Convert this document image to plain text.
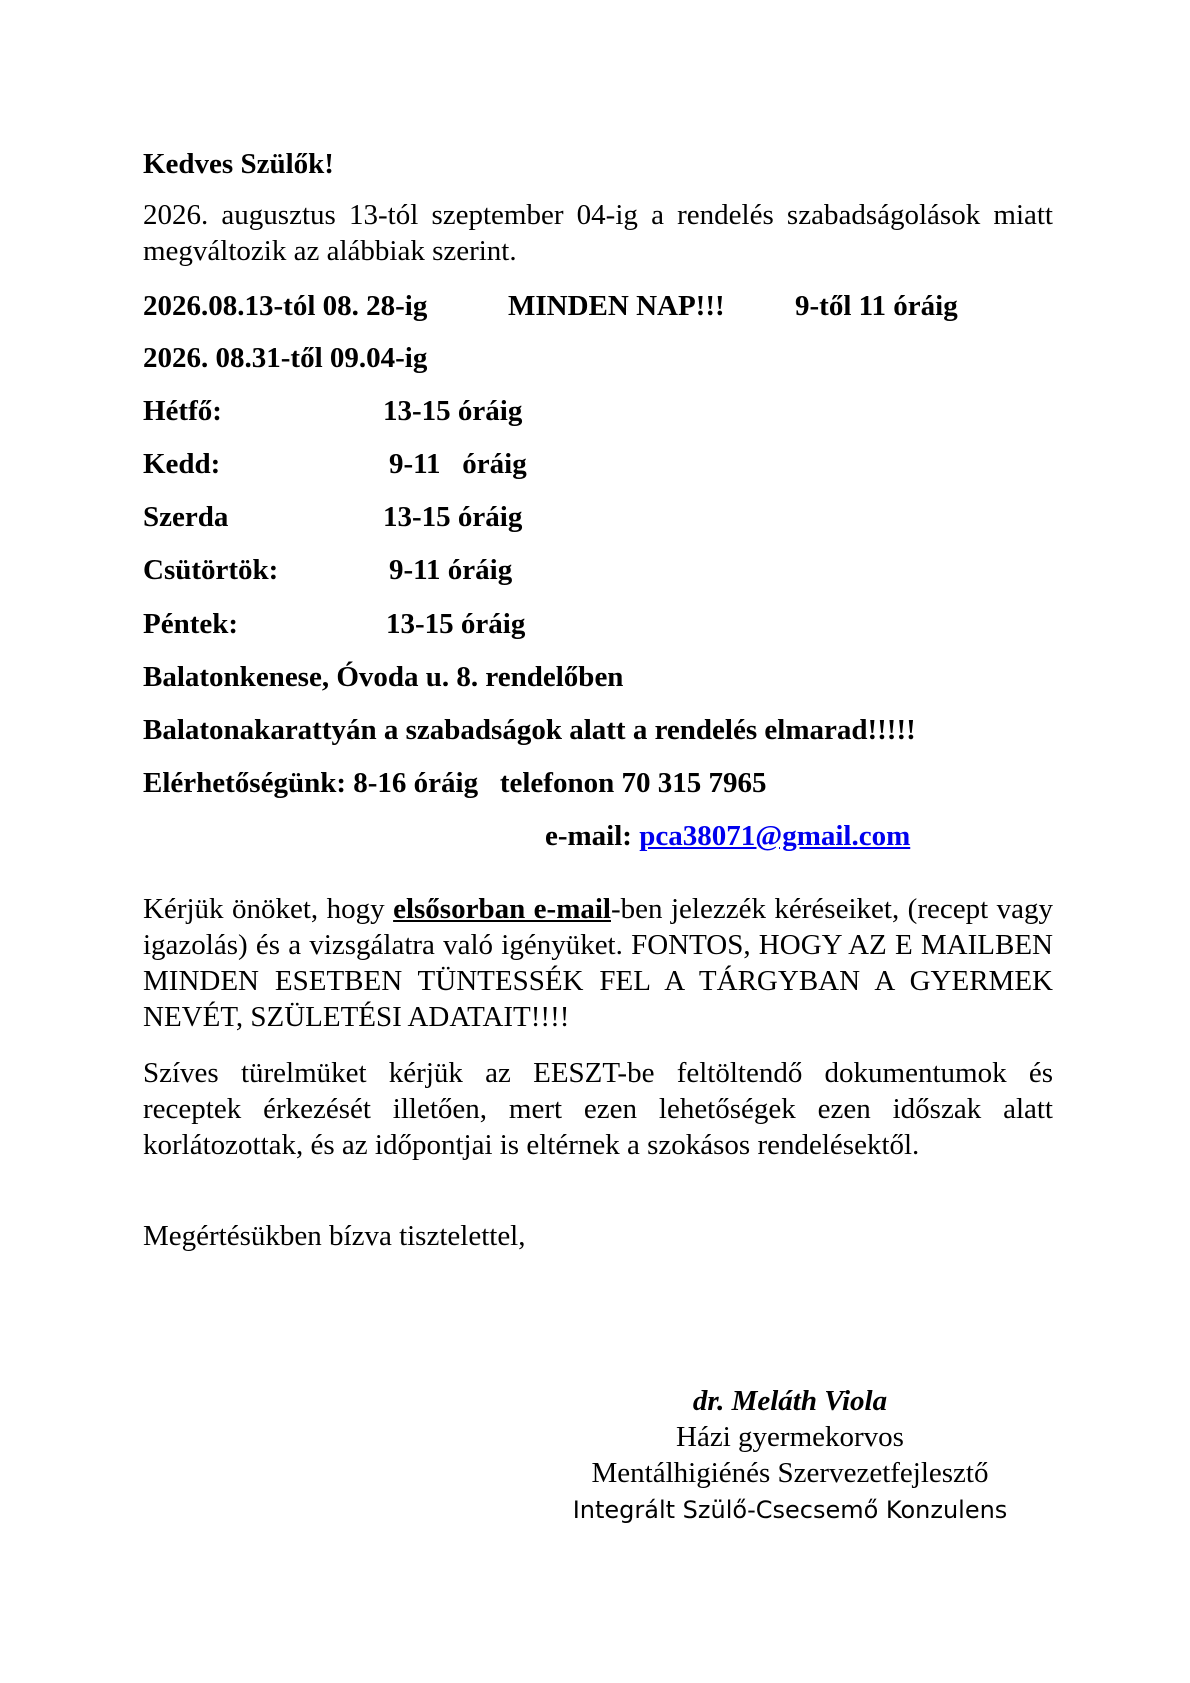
Kedves Szülők!
2026. augusztus 13-tól szeptember 04-ig a rendelés szabadságolások miatt megváltozik az alábbiak szerint.
2026.08.13-tól 08. 28-ig	MINDEN NAP!!! 9-től 11 óráig
2026. 08.31-től 09.04-ig
Hétfő:	13-15 óráig
Kedd:	9-11   óráig
Szerda	13-15 óráig
Csütörtök:	9-11 óráig
Péntek:	13-15 óráig
Balatonkenese, Óvoda u. 8. rendelőben
Balatonakarattyán a szabadságok alatt a rendelés elmarad!!!!!
Elérhetőségünk: 8-16 óráig   telefonon 70 315 7965
e-mail: pca38071@gmail.com
Kérjük önöket, hogy elsősorban e-mail-ben jelezzék kéréseiket, (recept vagy igazolás) és a vizsgálatra való igényüket. FONTOS, HOGY AZ E MAILBEN MINDEN ESETBEN TÜNTESSÉK FEL A TÁRGYBAN A GYERMEK NEVÉT, SZÜLETÉSI ADATAIT!!!!
Szíves türelmüket kérjük az EESZT-be feltöltendő dokumentumok és receptek érkezését illetően, mert ezen lehetőségek ezen időszak alatt korlátozottak, és az időpontjai is eltérnek a szokásos rendelésektől.
Megértésükben bízva tisztelettel,
dr. Meláth Viola
Házi gyermekorvos
Mentálhigiénés Szervezetfejlesztő
Integrált Szülő-Csecsemő Konzulens
